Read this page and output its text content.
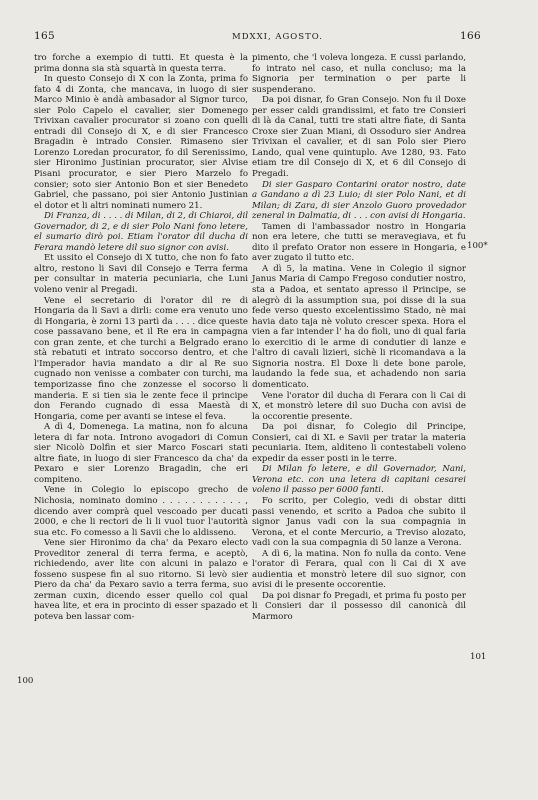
165	MDXXI, AGOSTO.	166
100
100*
101

tro forche a exempio di tutti. Et questa è la prima donna sia stà squartà in questa terra.

In questo Consejo di X con la Zonta, prima fo fato 4 di Zonta, che mancava, in luogo di sier Marco Minio è andà ambasador al Signor turco, sier Polo Capelo el cavalier, sier Domenego Trivixan cavalier procurator si zoano con quelli entradi dil Consejo di X, e di sier Francesco Bragadin è intrado Consier. Rimaseno sier Lorenzo Loredan procurator, fo dil Serenissimo, sier Hironimo Justinian procurator, sier Alvise Pisani procurator, e sier Piero Marzelo fo consier; soto sier Antonio Bon et sier Benedeto Gabriel, che passano, poi sier Antonio Justinian el dotor et li altri nominati numero 21.

Di Franza, di . . . . di Milan, di 2, di Chiaroi, dil Governador, di 2, e di sier Polo Nani fono letere, el sumario dirò poi. Etiam l'orator dil ducha di Ferara mandò letere dil suo signor con avisi.

Et ussito el Consejo di X tutto, che non fo fato altro, restono li Savi dil Consejo e Terra ferma per consultar in materia pecuniaria, che Luni voleno venir al Pregadi.

Vene el secretario di l'orator dil re di Hongaria da li Savi a dirli: come era venuto uno di Hongaria, è zorni 13 partì da . . . . dice queste cose passavano bene, et il Re era in campagna con gran zente, et che turchi a Belgrado erano stà rebatuti et intrato soccorso dentro, et che l'Imperador havia mandato a dir al Re suo cugnado non venisse a combater con turchi, ma temporizasse fino che zonzesse el socorso li manderia. E si tien sia le zente fece il principe don Ferando cugnado di essa Maestà di Hongaria, come per avanti se intese el feva.

A dì 4, Domenega. La matina, non fo alcuna letera di far nota. Introno avogadori di Comun sier Nicolò Dolfin et sier Marco Foscari stati altre fiate, in luogo di sier Francesco da cha' da Pexaro e sier Lorenzo Bragadin, che eri compiteno.

Vene in Colegio lo episcopo grecho de Nichosia, nominato domino . . . . . . . . . . . , dicendo aver comprà quel vescoado per ducati 2000, e che li rectori de li li vuol tuor l'autorità sua etc. Fo comesso a li Savii che lo aldisseno.

Vene sier Hironimo da cha' da Pexaro electo Proveditor zeneral di terra ferma, e aceptò, richiedendo, aver lite con alcuni in palazo e fosseno suspese fin al suo ritorno. Si levò sier Piero da cha' da Pexaro savio a terra ferma, suo zerman cuxin, dicendo esser quello col qual havea lite, et era in procinto di esser spazado et poteva ben lassar com-

pimento, che 'l voleva longeza. E cussi parlando, fo intrato nel caso, et nulla concluso; ma la Signoria per termination o per parte li suspenderano.

Da poi disnar, fo Gran Consejo. Non fu il Doxe per esser caldi grandissimi, et fato tre Consieri di là da Canal, tutti tre stati altre fiate, di Santa Croxe sier Zuan Miani, di Ossoduro sier Andrea Trivixan el cavalier, et di san Polo sier Piero Lando, qual vene quintuplo. Ave 1280, 93. Fato etiam tre dil Consejo di X, et 6 dil Consejo di Pregadi.

Di sier Gasparo Contarini orator nostro, date a Gandano a dì 23 Luio; di sier Polo Nani, et di Milan; di Zara, di sier Anzolo Guoro provedador zeneral in Dalmatia, di . . . con avisi di Hongaria.

Tamen di l'ambassador nostro in Hongaria non era letere, che tutti se meravegiava, et fu dito il prefato Orator non essere in Hongaria, e aver zugato il tutto etc.

A dì 5, la matina. Vene in Colegio il signor Janus Maria di Campo Fregoso condutier nostro, sta a Padoa, et sentato apresso il Principe, se alegrò di la assumption sua, poi disse di la sua fede verso questo excelentissimo Stado, nè mai havia dato taja nè voluto crescer spexa. Hora el vien a far intender l' ha do fioli, uno di qual faria lo exercitio di le arme di condutier di lanze e l'altro di cavali lizieri, sichè li ricomandava a la Signoria nostra. El Doxe li dete bone parole, laudando la fede sua, et achadendo non saria domenticato.

Vene l'orator dil ducha di Ferara con li Cai di X, et monstrò letere dil suo Ducha con avisi de la occorentie presente.

Da poi disnar, fo Colegio dil Principe, Consieri, cai di XL e Savii per tratar la materia pecuniaria. Item, alditeno li contestabeli voleno expedir da esser posti in le terre.

Di Milan fo letere, e dil Governador, Nani, Verona etc. con una letera di capitani cesarei voleno il passo per 6000 fanti.

Fo scrito, per Colegio, vedi di obstar ditti passi venendo, et scrito a Padoa che subito il signor Janus vadi con la sua compagnia in Verona, et el conte Mercurio, a Treviso alozato, vadi con la sua compagnia di 50 lanze a Verona.

A dì 6, la matina. Non fo nulla da conto. Vene l'orator dì Ferara, qual con li Cai di X ave audientia et monstrò letere dil suo signor, con avisi di le presente occorentie.

Da poi disnar fo Pregadi, et prima fu posto per li Consieri dar il possesso dil canonicà dil Marmoro
